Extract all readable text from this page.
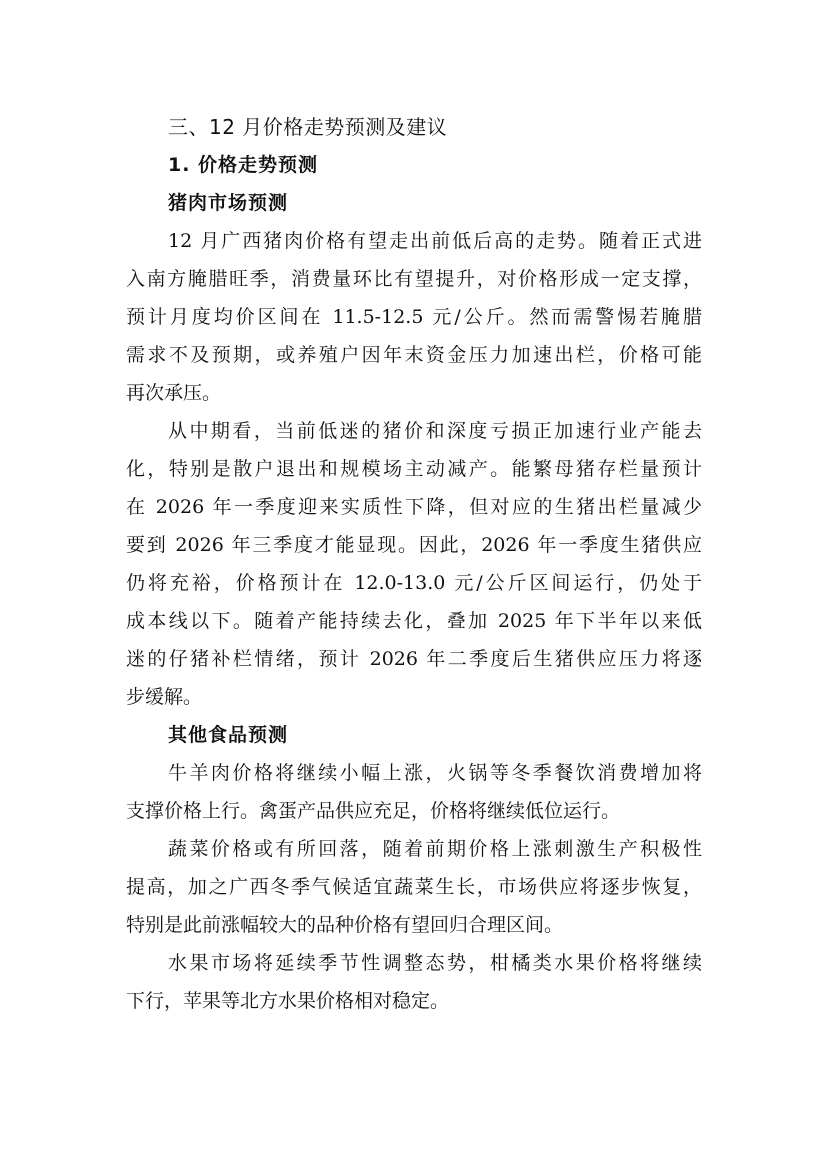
三、12 月价格走势预测及建议
1. 价格走势预测
猪肉市场预测
12 月广西猪肉价格有望走出前低后高的走势。随着正式进
入南方腌腊旺季，消费量环比有望提升，对价格形成一定支撑，
预计月度均价区间在 11.5-12.5 元/公斤。然而需警惕若腌腊
需求不及预期，或养殖户因年末资金压力加速出栏，价格可能
再次承压。
从中期看，当前低迷的猪价和深度亏损正加速行业产能去
化，特别是散户退出和规模场主动减产。能繁母猪存栏量预计
在 2026 年一季度迎来实质性下降，但对应的生猪出栏量减少
要到 2026 年三季度才能显现。因此，2026 年一季度生猪供应
仍将充裕，价格预计在 12.0-13.0 元/公斤区间运行，仍处于
成本线以下。随着产能持续去化，叠加 2025 年下半年以来低
迷的仔猪补栏情绪，预计 2026 年二季度后生猪供应压力将逐
步缓解。
其他食品预测
牛羊肉价格将继续小幅上涨，火锅等冬季餐饮消费增加将
支撑价格上行。禽蛋产品供应充足，价格将继续低位运行。
蔬菜价格或有所回落，随着前期价格上涨刺激生产积极性
提高，加之广西冬季气候适宜蔬菜生长，市场供应将逐步恢复，
特别是此前涨幅较大的品种价格有望回归合理区间。
水果市场将延续季节性调整态势，柑橘类水果价格将继续
下行，苹果等北方水果价格相对稳定。
